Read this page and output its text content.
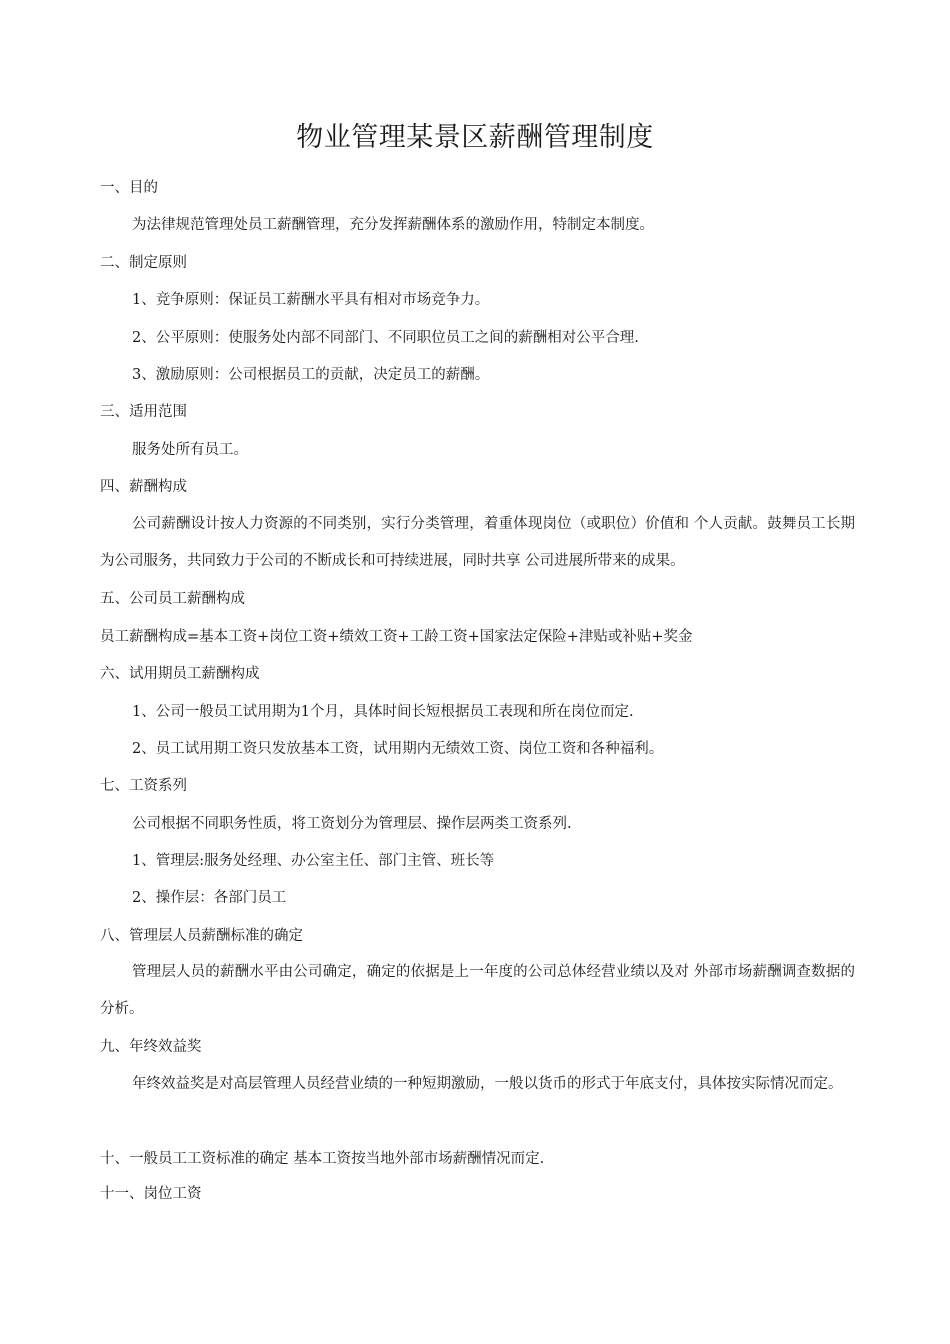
物业管理某景区薪酬管理制度
一、目的
为法律规范管理处员工薪酬管理，充分发挥薪酬体系的激励作用，特制定本制度。
二、制定原则
1、竞争原则：保证员工薪酬水平具有相对市场竞争力。
2、公平原则：使服务处内部不同部门、不同职位员工之间的薪酬相对公平合理.
3、激励原则：公司根据员工的贡献，决定员工的薪酬。
三、适用范围
服务处所有员工。
四、薪酬构成
公司薪酬设计按人力资源的不同类别，实行分类管理，着重体现岗位（或职位）价值和 个人贡献。鼓舞员工长期为公司服务，共同致力于公司的不断成长和可持续进展，同时共享 公司进展所带来的成果。
五、公司员工薪酬构成
员工薪酬构成=基本工资+岗位工资+绩效工资+工龄工资+国家法定保险+津贴或补贴+奖金
六、试用期员工薪酬构成
1、公司一般员工试用期为1个月，具体时间长短根据员工表现和所在岗位而定.
2、员工试用期工资只发放基本工资，试用期内无绩效工资、岗位工资和各种福利。
七、工资系列
公司根据不同职务性质，将工资划分为管理层、操作层两类工资系列.
1、管理层:服务处经理、办公室主任、部门主管、班长等
2、操作层：各部门员工
八、管理层人员薪酬标准的确定
管理层人员的薪酬水平由公司确定，确定的依据是上一年度的公司总体经营业绩以及对 外部市场薪酬调查数据的分析。
九、年终效益奖
年终效益奖是对高层管理人员经营业绩的一种短期激励，一般以货币的形式于年底支付，具体按实际情况而定。
十、一般员工工资标准的确定 基本工资按当地外部市场薪酬情况而定.
十一、岗位工资
